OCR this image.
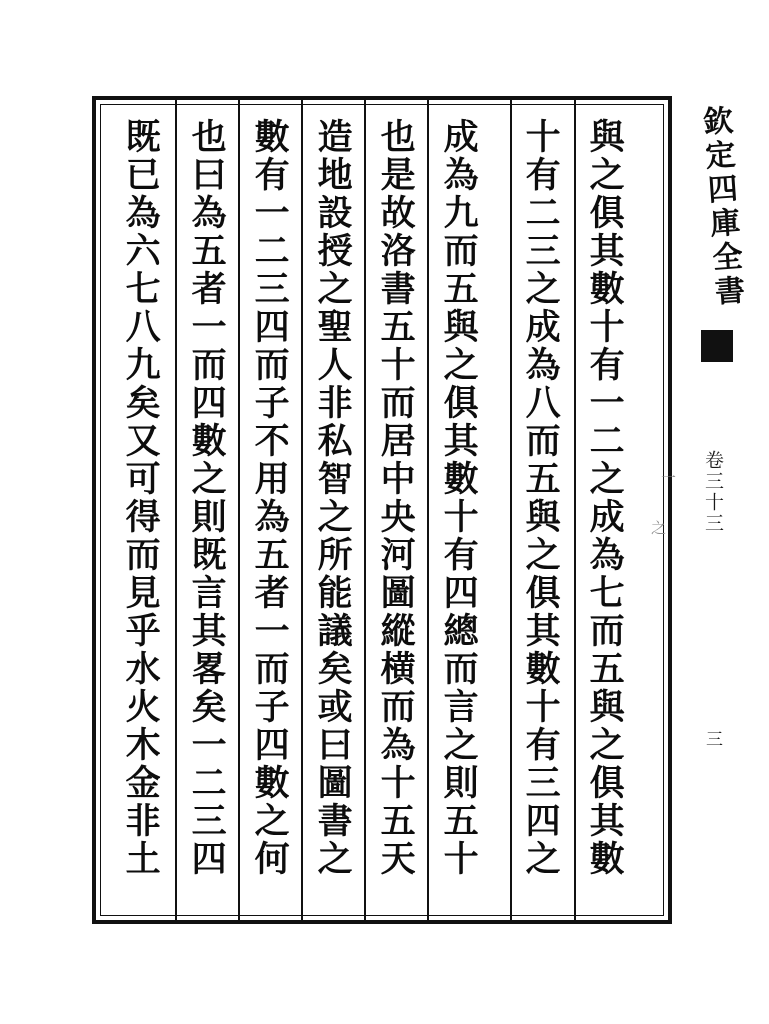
與之俱其數十有一二之成為七而五與之俱其數
十有二三之成為八而五與之俱其數十有三四之
成為九而五與之俱其數十有四總而言之則五十
也是故洛書五十而居中央河圖縱横而為十五天
造地設授之聖人非私智之所能議矣或曰圖書之
數有一二三四而子不用為五者一而子四數之何
也曰為五者一而四數之則既言其畧矣一二三四
既已為六七八九矣又可得而見乎水火木金非土	欽定四庫全書
卷三十三
三
一
之
